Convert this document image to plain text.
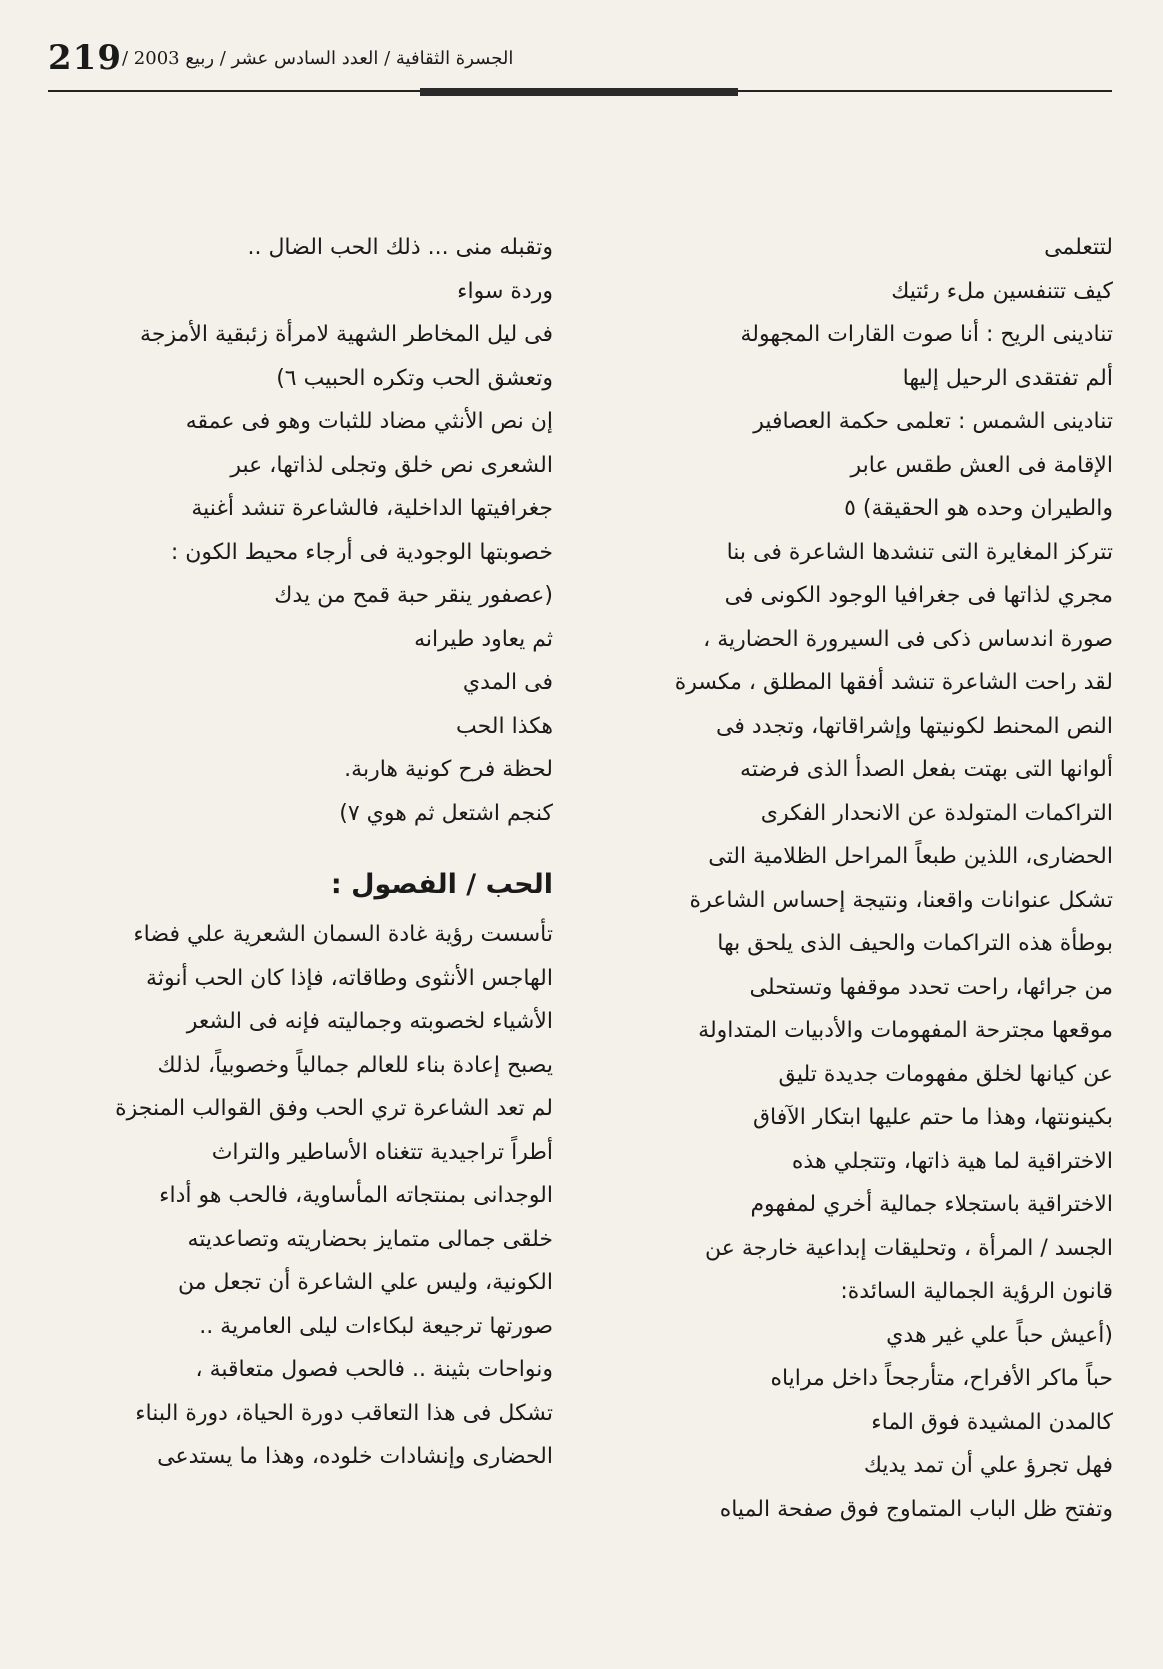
219 الجسرة الثقافية / العدد السادس عشر / ربيع 2003 /
لتتعلمى
كيف تتنفسين ملء رئتيك
تنادينى الريح : أنا صوت القارات المجهولة
ألم تفتقدى الرحيل إليها
تنادينى الشمس : تعلمى حكمة العصافير
الإقامة فى العش طقس عابر
والطيران وحده هو الحقيقة) ٥
تتركز المغايرة التى تنشدها الشاعرة فى بنا
مجري لذاتها فى جغرافيا الوجود الكونى فى
صورة اندساس ذكى فى السيرورة الحضارية ،
لقد راحت الشاعرة تنشد أفقها المطلق ، مكسرة
النص المحنط لكونيتها وإشراقاتها، وتجدد فى
ألوانها التى بهتت بفعل الصدأ الذى فرضته
التراكمات المتولدة عن الانحدار الفكرى
الحضارى، اللذين طبعاً المراحل الظلامية التى
تشكل عنوانات واقعنا، ونتيجة إحساس الشاعرة
بوطأة هذه التراكمات والحيف الذى يلحق بها
من جرائها، راحت تحدد موقفها وتستحلى
موقعها مجترحة المفهومات والأدبيات المتداولة
عن كيانها لخلق مفهومات جديدة تليق
بكينونتها، وهذا ما حتم عليها ابتكار الآفاق
الاختراقية لما هية ذاتها، وتتجلي هذه
الاختراقية باستجلاء جمالية أخري لمفهوم
الجسد / المرأة ، وتحليقات إبداعية خارجة عن
قانون الرؤية الجمالية السائدة:
(أعيش حباً علي غير هدي
حباً ماكر الأفراح، متأرجحاً داخل مراياه
كالمدن المشيدة فوق الماء
فهل تجرؤ علي أن تمد يديك
وتفتح ظل الباب المتماوج فوق صفحة المياه
وتقبله منى ... ذلك الحب الضال ..
وردة سواء
فى ليل المخاطر الشهية لامرأة زئبقية الأمزجة
وتعشق الحب وتكره الحبيب ٦)
إن نص الأنثي مضاد للثبات وهو فى عمقه
الشعرى نص خلق وتجلى لذاتها، عبر
جغرافيتها الداخلية، فالشاعرة تنشد أغنية
خصوبتها الوجودية فى أرجاء محيط الكون :
(عصفور ينقر حبة قمح من يدك
ثم يعاود طيرانه
فى المدي
هكذا الحب
لحظة فرح كونية هاربة.
كنجم اشتعل ثم هوي ٧)
الحب / الفصول :
تأسست رؤية غادة السمان الشعرية علي فضاء
الهاجس الأنثوى وطاقاته، فإذا كان الحب أنوثة
الأشياء لخصوبته وجماليته فإنه فى الشعر
يصبح إعادة بناء للعالم جمالياً وخصوبياً، لذلك
لم تعد الشاعرة تري الحب وفق القوالب المنجزة
أطراً تراجيدية تتغناه الأساطير والتراث
الوجدانى بمنتجاته المأساوية، فالحب هو أداء
خلقى جمالى متمايز بحضاريته وتصاعديته
الكونية، وليس علي الشاعرة أن تجعل من
صورتها ترجيعة لبكاءات ليلى العامرية ..
ونواحات بثينة .. فالحب فصول متعاقبة ،
تشكل فى هذا التعاقب دورة الحياة، دورة البناء
الحضارى وإنشادات خلوده، وهذا ما يستدعى
